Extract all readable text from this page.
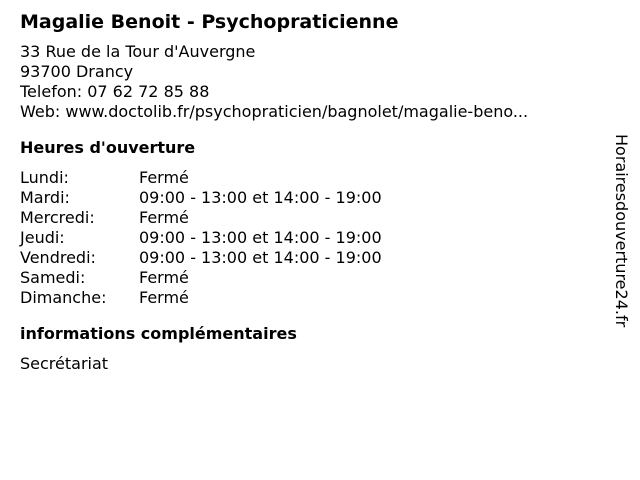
Magalie Benoit - Psychopraticienne
33 Rue de la Tour d'Auvergne
93700 Drancy
Telefon: 07 62 72 85 88
Web: www.doctolib.fr/psychopraticien/bagnolet/magalie-beno...
Heures d'ouverture
Lundi:	Fermé
Mardi:	09:00 - 13:00 et 14:00 - 19:00
Mercredi:	Fermé
Jeudi:	09:00 - 13:00 et 14:00 - 19:00
Vendredi:	09:00 - 13:00 et 14:00 - 19:00
Samedi:	Fermé
Dimanche:	Fermé
informations complémentaires
Secrétariat
Horairesdouverture24.fr
